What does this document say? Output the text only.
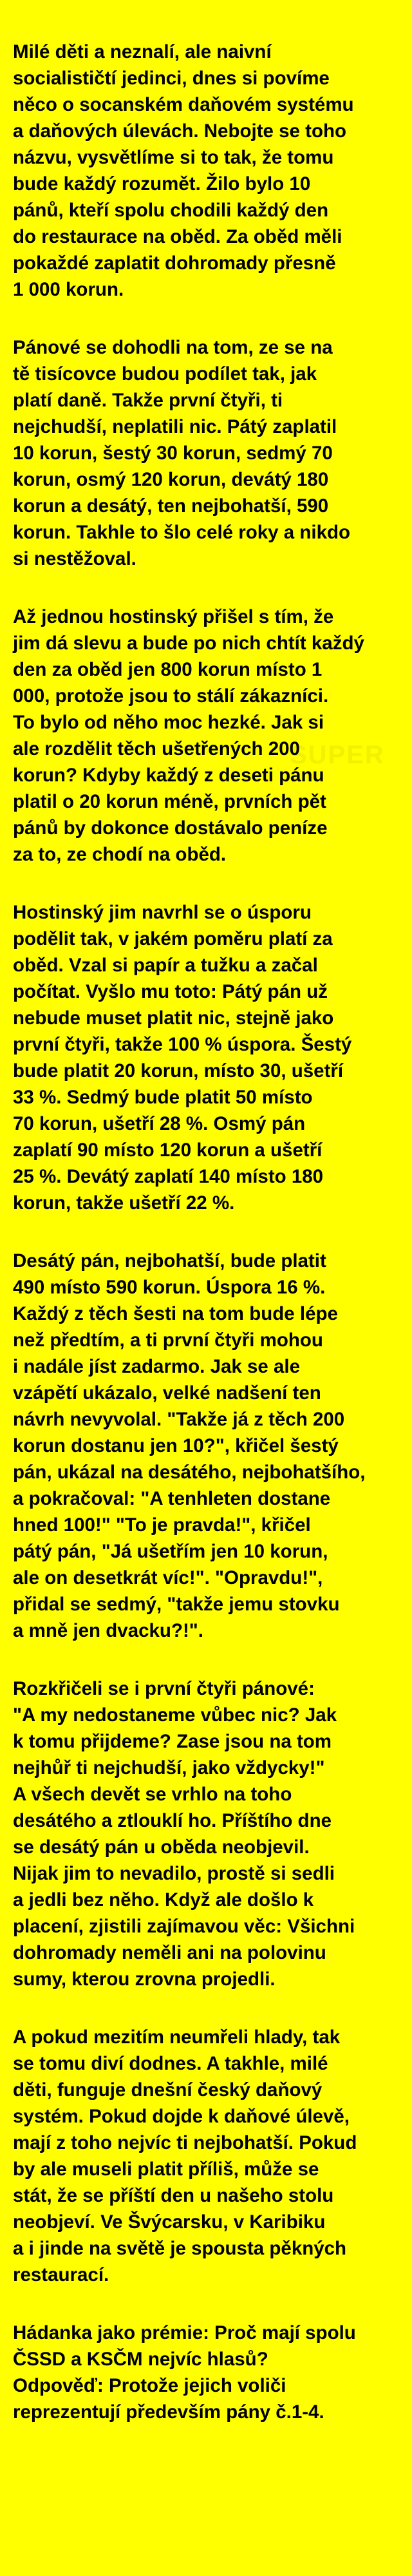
SUPER

Milé děti a neznalí, ale naivní
socialističtí jedinci, dnes si povíme
něco o socanském daňovém systému
a daňových úlevách. Nebojte se toho
názvu, vysvětlíme si to tak, že tomu
bude každý rozumět. Žilo bylo 10
pánů, kteří spolu chodili každý den
do restaurace na oběd. Za oběd měli
pokaždé zaplatit dohromady přesně
1 000 korun.

Pánové se dohodli na tom, ze se na
tě tisícovce budou podílet tak, jak
platí daně. Takže první čtyři, ti
nejchudší, neplatili nic. Pátý zaplatil
10 korun, šestý 30 korun, sedmý 70
korun, osmý 120 korun, devátý 180
korun a desátý, ten nejbohatší, 590
korun. Takhle to šlo celé roky a nikdo
si nestěžoval.

Až jednou hostinský přišel s tím, že
jim dá slevu a bude po nich chtít každý
den za oběd jen 800 korun místo 1
000, protože jsou to stálí zákazníci.
To bylo od něho moc hezké. Jak si
ale rozdělit těch ušetřených 200
korun? Kdyby každý z deseti pánu
platil o 20 korun méně, prvních pět
pánů by dokonce dostávalo peníze
za to, ze chodí na oběd.

Hostinský jim navrhl se o úsporu
podělit tak, v jakém poměru platí za
oběd. Vzal si papír a tužku a začal
počítat. Vyšlo mu toto: Pátý pán už
nebude muset platit nic, stejně jako
první čtyři, takže 100 % úspora. Šestý
bude platit 20 korun, místo 30, ušetří
33 %. Sedmý bude platit 50 místo
70 korun, ušetří 28 %. Osmý pán
zaplatí 90 místo 120 korun a ušetří
25 %. Devátý zaplatí 140 místo 180
korun, takže ušetří 22 %.

Desátý pán, nejbohatší, bude platit
490 místo 590 korun. Úspora 16 %.
Každý z těch šesti na tom bude lépe
než předtím, a ti první čtyři mohou
i nadále jíst zadarmo. Jak se ale
vzápětí ukázalo, velké nadšení ten
návrh nevyvolal. "Takže já z těch 200
korun dostanu jen 10?", křičel šestý
pán, ukázal na desátého, nejbohatšího,
a pokračoval: "A tenhleten dostane
hned 100!" "To je pravda!", křičel
pátý pán, "Já ušetřím jen 10 korun,
ale on desetkrát víc!". "Opravdu!",
přidal se sedmý, "takže jemu stovku
a mně jen dvacku?!".

Rozkřičeli se i první čtyři pánové:
"A my nedostaneme vůbec nic? Jak
k tomu přijdeme? Zase jsou na tom
nejhůř ti nejchudší, jako vždycky!"
A všech devět se vrhlo na toho
desátého a ztlouklí ho. Příštího dne
se desátý pán u oběda neobjevil.
Nijak jim to nevadilo, prostě si sedli
a jedli bez něho. Když ale došlo k
placení, zjistili zajímavou věc: Všichni
dohromady neměli ani na polovinu
sumy, kterou zrovna projedli.

A pokud mezitím neumřeli hlady, tak
se tomu diví dodnes. A takhle, milé
děti, funguje dnešní český daňový
systém. Pokud dojde k daňové úlevě,
mají z toho nejvíc ti nejbohatší. Pokud
by ale museli platit příliš, může se
stát, že se příští den u našeho stolu
neobjeví. Ve Švýcarsku, v Karibiku
a i jinde na světě je spousta pěkných
restaurací.

Hádanka jako prémie: Proč mají spolu
ČSSD a KSČM nejvíc hlasů?
Odpověď: Protože jejich voliči
reprezentují především pány č.1-4.
